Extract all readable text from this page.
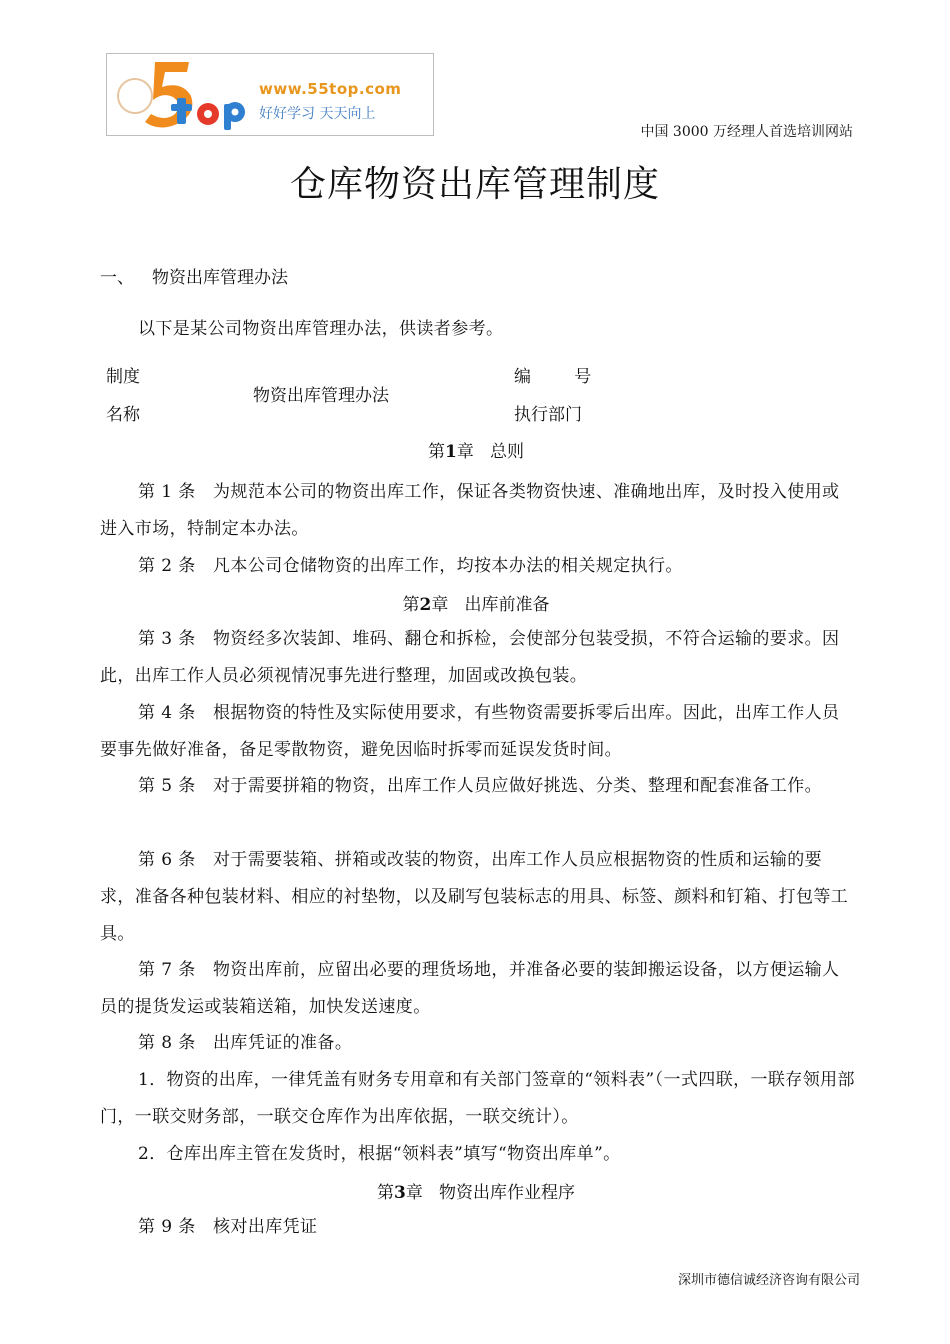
www.55top.com
好好学习 天天向上
中国 3000 万经理人首选培训网站
仓库物资出库管理制度
一、 物资出库管理办法
以下是某公司物资出库管理办法，供读者参考。
制度
名称
物资出库管理办法
编        号
执行部门
第1章 总则
第 1 条   为规范本公司的物资出库工作，保证各类物资快速、准确地出库，及时投入使用或进入市场，特制定本办法。
第 2 条   凡本公司仓储物资的出库工作，均按本办法的相关规定执行。
第2章 出库前准备
第 3 条   物资经多次装卸、堆码、翻仓和拆检，会使部分包装受损，不符合运输的要求。因此，出库工作人员必须视情况事先进行整理，加固或改换包装。
第 4 条   根据物资的特性及实际使用要求，有些物资需要拆零后出库。因此，出库工作人员要事先做好准备，备足零散物资，避免因临时拆零而延误发货时间。
第 5 条   对于需要拼箱的物资，出库工作人员应做好挑选、分类、整理和配套准备工作。
第 6 条   对于需要装箱、拼箱或改装的物资，出库工作人员应根据物资的性质和运输的要求，准备各种包装材料、相应的衬垫物，以及刷写包装标志的用具、标签、颜料和钉箱、打包等工具。
第 7 条   物资出库前，应留出必要的理货场地，并准备必要的装卸搬运设备，以方便运输人员的提货发运或装箱送箱，加快发送速度。
第 8 条   出库凭证的准备。
1．物资的出库，一律凭盖有财务专用章和有关部门签章的“领料表”（一式四联，一联存领用部门，一联交财务部，一联交仓库作为出库依据，一联交统计）。
2．仓库出库主管在发货时，根据“领料表”填写“物资出库单”。
第3章 物资出库作业程序
第 9 条   核对出库凭证
深圳市德信诚经济咨询有限公司
